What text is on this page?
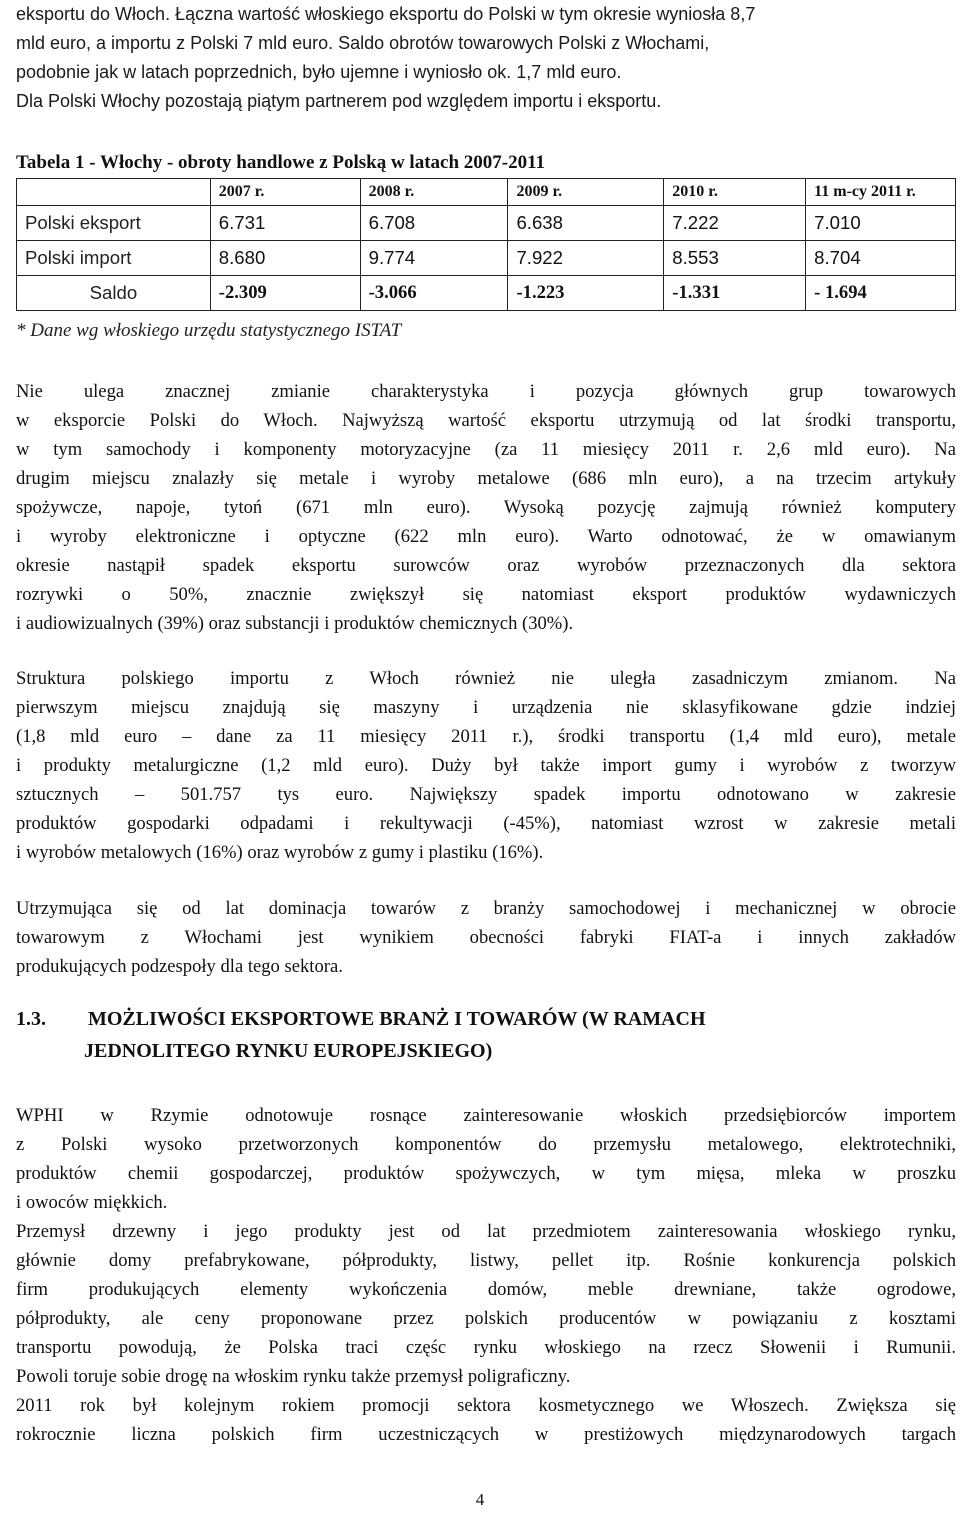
eksportu do Włoch. Łączna wartość włoskiego eksportu do Polski w tym okresie wyniosła 8,7
mld euro, a importu z Polski 7 mld euro. Saldo obrotów towarowych Polski z Włochami,
podobnie jak w latach poprzednich, było ujemne i wyniosło ok. 1,7 mld euro.
Dla Polski Włochy pozostają piątym partnerem pod względem importu i eksportu.
Tabela 1 - Włochy - obroty handlowe z Polską w latach 2007-2011
	2007 r.	2008 r.	2009 r.	2010 r.	11 m-cy 2011 r.
Polski eksport	6.731	6.708	6.638	7.222	7.010
Polski import	8.680	9.774	7.922	8.553	8.704
Saldo	-2.309	-3.066	-1.223	-1.331	- 1.694
* Dane wg włoskiego urzędu statystycznego ISTAT
Nie ulega znacznej zmianie charakterystyka i pozycja głównych grup towarowych
w eksporcie Polski do Włoch. Najwyższą wartość eksportu utrzymują od lat środki transportu,
w tym samochody i komponenty motoryzacyjne (za 11 miesięcy 2011 r. 2,6 mld euro). Na
drugim miejscu znalazły się metale i wyroby metalowe (686 mln euro), a na trzecim artykuły
spożywcze, napoje, tytoń (671 mln euro). Wysoką pozycję zajmują również komputery
i wyroby elektroniczne i optyczne (622 mln euro). Warto odnotować, że w omawianym
okresie nastąpił spadek eksportu surowców oraz wyrobów przeznaczonych dla sektora
rozrywki o 50%, znacznie zwiększył się natomiast eksport produktów wydawniczych
i audiowizualnych (39%) oraz substancji i produktów chemicznych (30%).
Struktura polskiego importu z Włoch również nie uległa zasadniczym zmianom. Na
pierwszym miejscu znajdują się maszyny i urządzenia nie sklasyfikowane gdzie indziej
(1,8 mld euro – dane za 11 miesięcy 2011 r.), środki transportu (1,4 mld euro), metale
i produkty metalurgiczne (1,2 mld euro). Duży był także import gumy i wyrobów z tworzyw
sztucznych – 501.757 tys euro. Największy spadek importu odnotowano w zakresie
produktów gospodarki odpadami i rekultywacji (-45%), natomiast wzrost w zakresie metali
i wyrobów metalowych (16%) oraz wyrobów z gumy i plastiku (16%).
Utrzymująca się od lat dominacja towarów z branży samochodowej i mechanicznej w obrocie
towarowym z Włochami jest wynikiem obecności fabryki FIAT-a i innych zakładów
produkujących podzespoły dla tego sektora.
1.3. MOŻLIWOŚCI EKSPORTOWE BRANŻ I TOWARÓW (W RAMACH
JEDNOLITEGO RYNKU EUROPEJSKIEGO)
WPHI w Rzymie odnotowuje rosnące zainteresowanie włoskich przedsiębiorców importem
z Polski wysoko przetworzonych komponentów do przemysłu metalowego, elektrotechniki,
produktów chemii gospodarczej, produktów spożywczych, w tym mięsa, mleka w proszku
i owoców miękkich.
Przemysł drzewny i jego produkty jest od lat przedmiotem zainteresowania włoskiego rynku,
głównie domy prefabrykowane, półprodukty, listwy, pellet itp. Rośnie konkurencja polskich
firm produkujących elementy wykończenia domów, meble drewniane, także ogrodowe,
półprodukty, ale ceny proponowane przez polskich producentów w powiązaniu z kosztami
transportu powodują, że Polska traci częśc rynku włoskiego na rzecz Słowenii i Rumunii.
Powoli toruje sobie drogę na włoskim rynku także przemysł poligraficzny.
2011 rok był kolejnym rokiem promocji sektora kosmetycznego we Włoszech. Zwiększa się
rokrocznie liczna polskich firm uczestniczących w prestiżowych międzynarodowych targach
4
